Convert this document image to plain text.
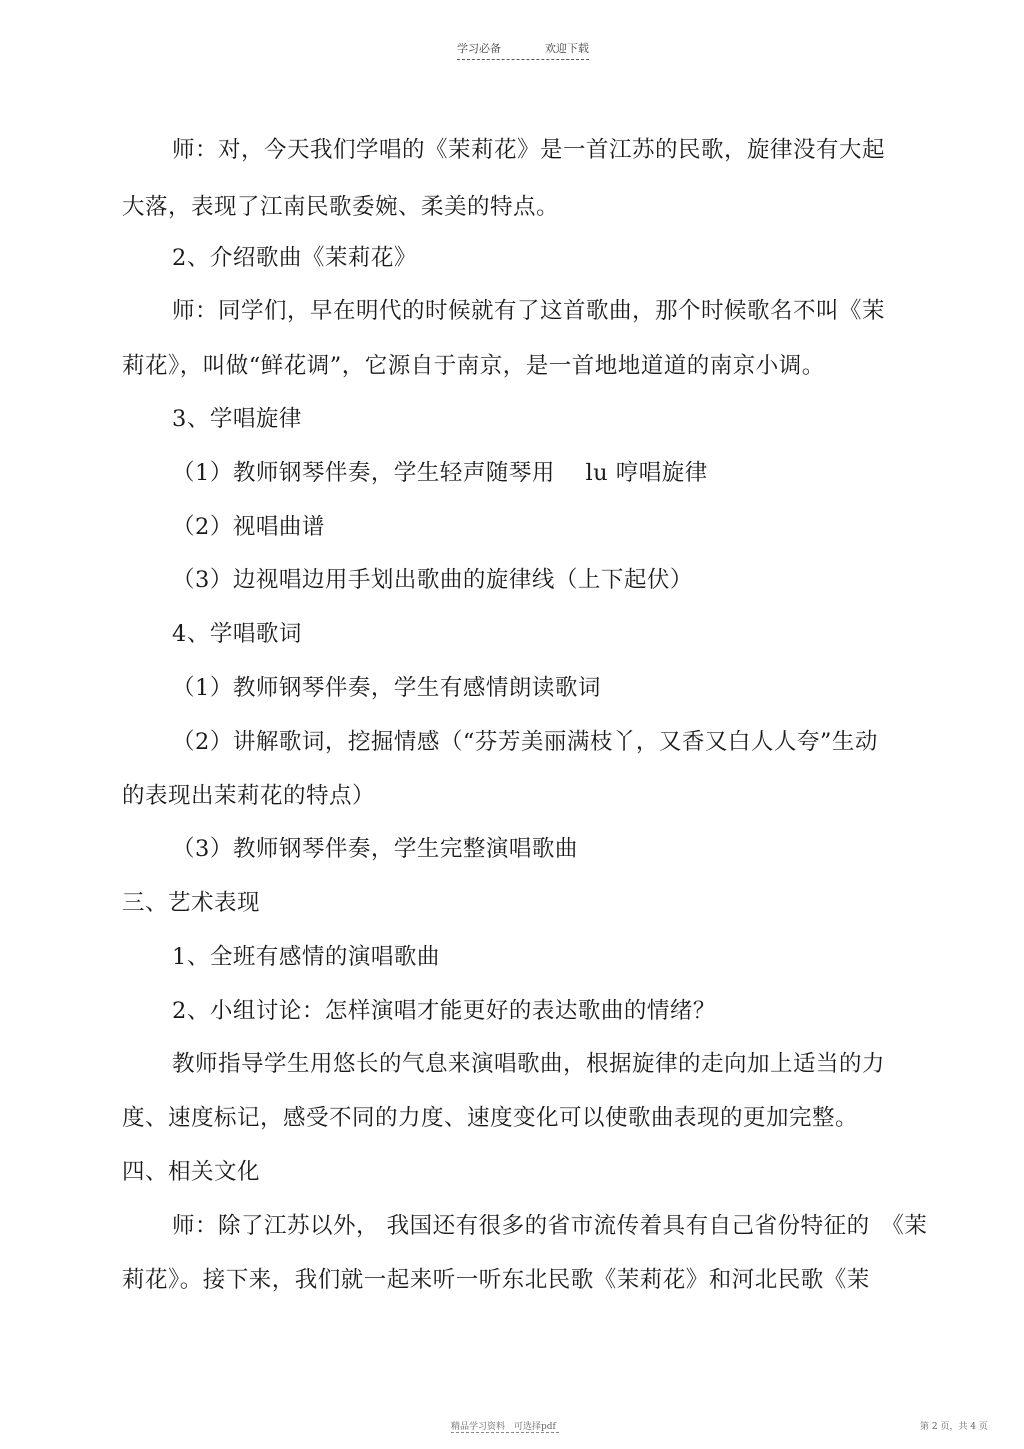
学习必备	欢迎下载
师：对，今天我们学唱的《茉莉花》是一首江苏的民歌，旋律没有大起
大落，表现了江南民歌委婉、柔美的特点。
2、介绍歌曲《茉莉花》
师：同学们，早在明代的时候就有了这首歌曲，那个时候歌名不叫《茉
莉花》，叫做“鲜花调”，它源自于南京，是一首地地道道的南京小调。
3、学唱旋律
（1）教师钢琴伴奏，学生轻声随琴用　 lu 哼唱旋律
（2）视唱曲谱
（3）边视唱边用手划出歌曲的旋律线（上下起伏）
4、学唱歌词
（1）教师钢琴伴奏，学生有感情朗读歌词
（2）讲解歌词，挖掘情感（“芬芳美丽满枝丫，又香又白人人夸”生动
的表现出茉莉花的特点）
（3）教师钢琴伴奏，学生完整演唱歌曲
三、艺术表现
1、全班有感情的演唱歌曲
2、小组讨论：怎样演唱才能更好的表达歌曲的情绪？
教师指导学生用悠长的气息来演唱歌曲，根据旋律的走向加上适当的力
度、速度标记，感受不同的力度、速度变化可以使歌曲表现的更加完整。
四、相关文化
师：除了江苏以外， 我国还有很多的省市流传着具有自己省份特征的　《茉
莉花》。接下来，我们就一起来听一听东北民歌《茉莉花》和河北民歌《茉
精品学习资料　可选择pdf	第 2 页，共 4 页
